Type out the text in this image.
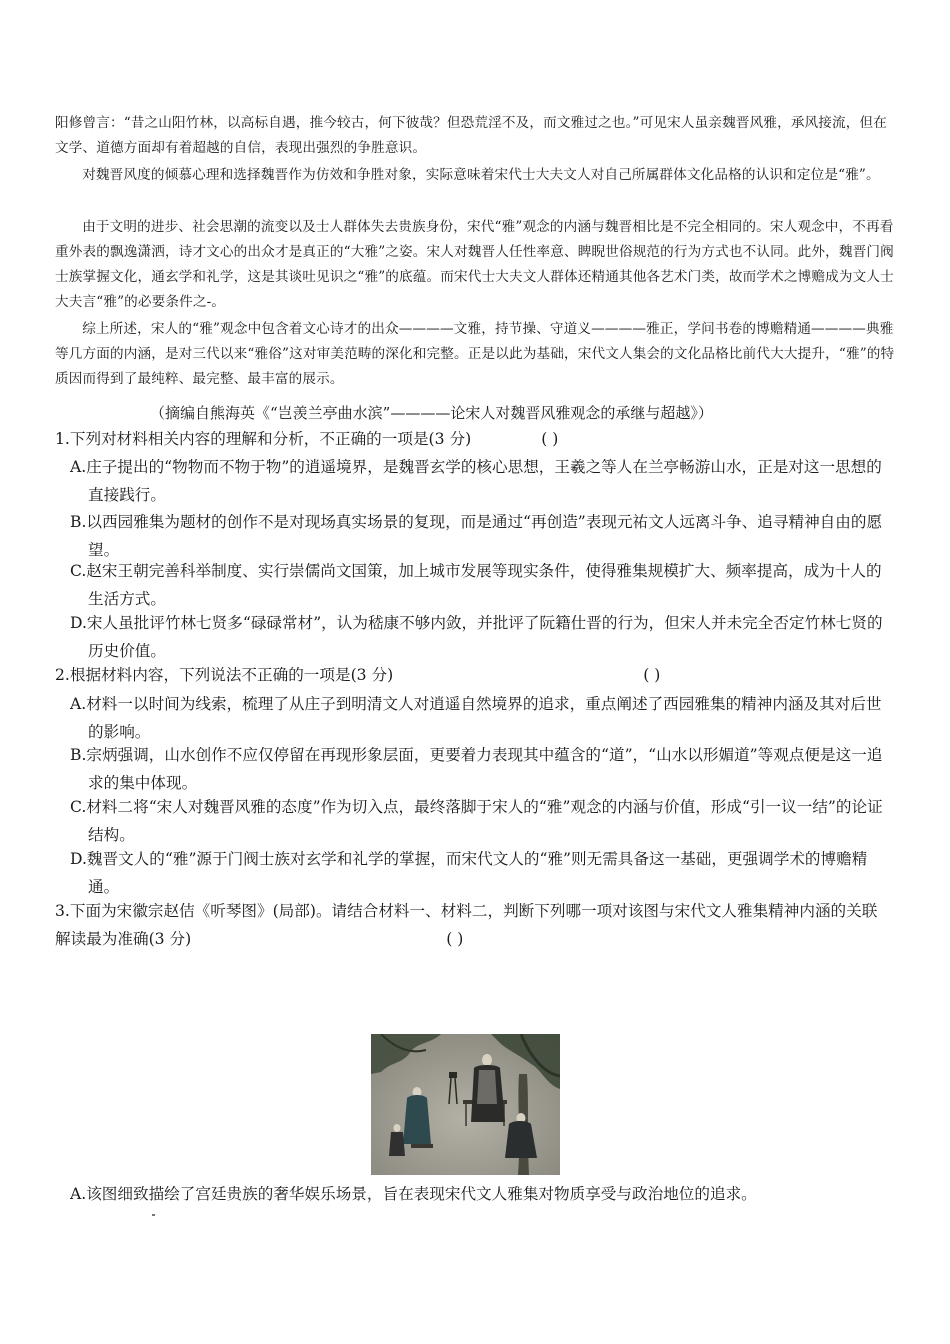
阳修曾言：“昔之山阳竹林，以高标自遇，推今较古，何下彼哉？但恐荒淫不及，而文雅过之也。”可见宋人虽亲魏晋风雅，承风接流，但在文学、道德方面却有着超越的自信，表现出强烈的争胜意识。

对魏晋风度的倾慕心理和选择魏晋作为仿效和争胜对象，实际意味着宋代士大夫文人对自己所属群体文化品格的认识和定位是“雅”。

由于文明的进步、社会思潮的流变以及士人群体失去贵族身份，宋代“雅”观念的内涵与魏晋相比是不完全相同的。宋人观念中，不再看重外表的飘逸潇洒，诗才文心的出众才是真正的“大雅”之姿。宋人对魏晋人任性率意、睥睨世俗规范的行为方式也不认同。此外，魏晋门阀士族掌握文化，通玄学和礼学，这是其谈吐见识之“雅”的底蕴。而宋代士大夫文人群体还精通其他各艺术门类，故而学术之博赡成为文人士大夫言“雅”的必要条件之-。

综上所述，宋人的“雅”观念中包含着文心诗才的出众————文雅，持节操、守道义————雅正，学问书卷的博赡精通————典雅等几方面的内涵，是对三代以来“雅俗”这对审美范畴的深化和完整。正是以此为基础，宋代文人集会的文化品格比前代大大提升，“雅”的特质因而得到了最纯粹、最完整、最丰富的展示。

（摘编自熊海英《“岂羡兰亭曲水滨”————论宋人对魏晋风雅观念的承继与超越》）

1.下列对材料相关内容的理解和分析，不正确的一项是(3 分)	( )

A.庄子提出的“物物而不物于物”的逍遥境界，是魏晋玄学的核心思想，王羲之等人在兰亭畅游山水，正是对这一思想的直接践行。

B.以西园雅集为题材的创作不是对现场真实场景的复现，而是通过“再创造”表现元祐文人远离斗争、追寻精神自由的愿望。

C.赵宋王朝完善科举制度、实行崇儒尚文国策，加上城市发展等现实条件，使得雅集规模扩大、频率提高，成为十人的生活方式。

D.宋人虽批评竹林七贤多“碌碌常材”，认为嵇康不够内敛，并批评了阮籍仕晋的行为，但宋人并未完全否定竹林七贤的历史价值。

2.根据材料内容，下列说法不正确的一项是(3 分)	( )

A.材料一以时间为线索，梳理了从庄子到明清文人对逍遥自然境界的追求，重点阐述了西园雅集的精神内涵及其对后世的影响。

B.宗炳强调，山水创作不应仅停留在再现形象层面，更要着力表现其中蕴含的“道”，“山水以形媚道”等观点便是这一追求的集中体现。

C.材料二将“宋人对魏晋风雅的态度”作为切入点，最终落脚于宋人的“雅”观念的内涵与价值，形成“引一议一结”的论证结构。

D.魏晋文人的“雅”源于门阀士族对玄学和礼学的掌握，而宋代文人的“雅”则无需具备这一基础，更强调学术的博赡精通。

3.下面为宋徽宗赵佶《听琴图》(局部)。请结合材料一、材料二，判断下列哪一项对该图与宋代文人雅集精神内涵的关联解读最为准确(3 分)	( )

A.该图细致描绘了宫廷贵族的奢华娱乐场景，旨在表现宋代文人雅集对物质享受与政治地位的追求。
